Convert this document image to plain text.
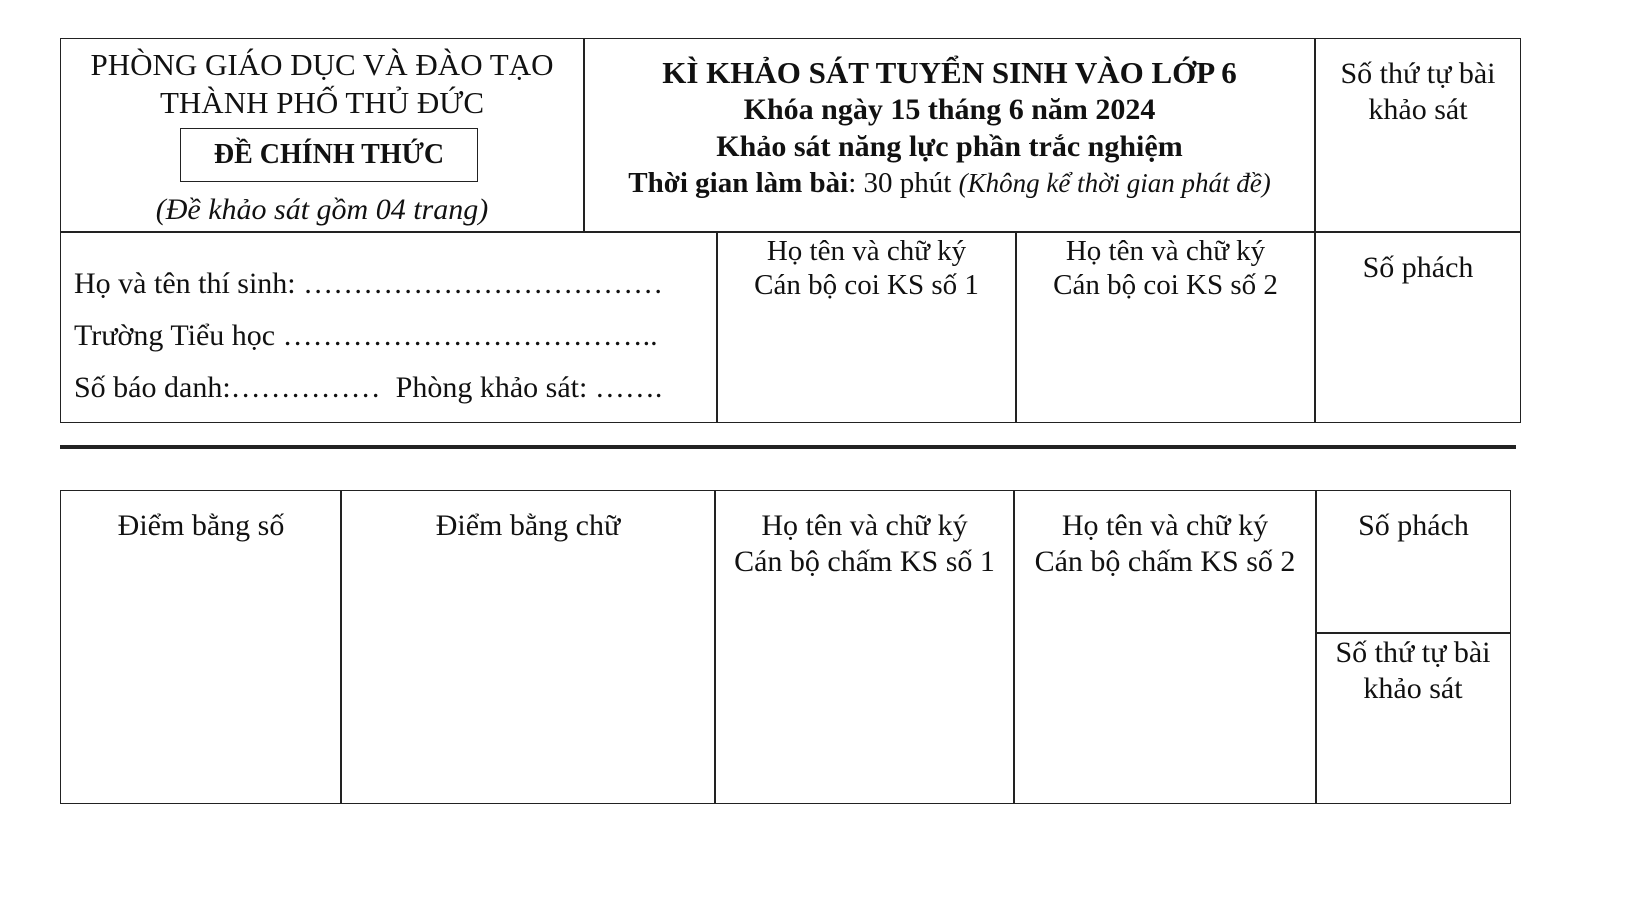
PHÒNG GIÁO DỤC VÀ ĐÀO TẠO
THÀNH PHỐ THỦ ĐỨC
ĐỀ CHÍNH THỨC
(Đề khảo sát gồm 04 trang)
KÌ KHẢO SÁT TUYỂN SINH VÀO LỚP 6
Khóa ngày 15 tháng 6 năm 2024
Khảo sát năng lực phần trắc nghiệm
Thời gian làm bài: 30 phút (Không kể thời gian phát đề)
Số thứ tự bài khảo sát
Họ và tên thí sinh: ………………………………
Trường Tiểu học ………………………………..
Số báo danh:…………… Phòng khảo sát: …….
Họ tên và chữ ký
Cán bộ coi KS số 1
Họ tên và chữ ký
Cán bộ coi KS số 2
Số phách
Điểm bằng số	Điểm bằng chữ	Họ tên và chữ ký
Cán bộ chấm KS số 1
Họ tên và chữ ký
Cán bộ chấm KS số 2
Số phách
Số thứ tự bài khảo sát
